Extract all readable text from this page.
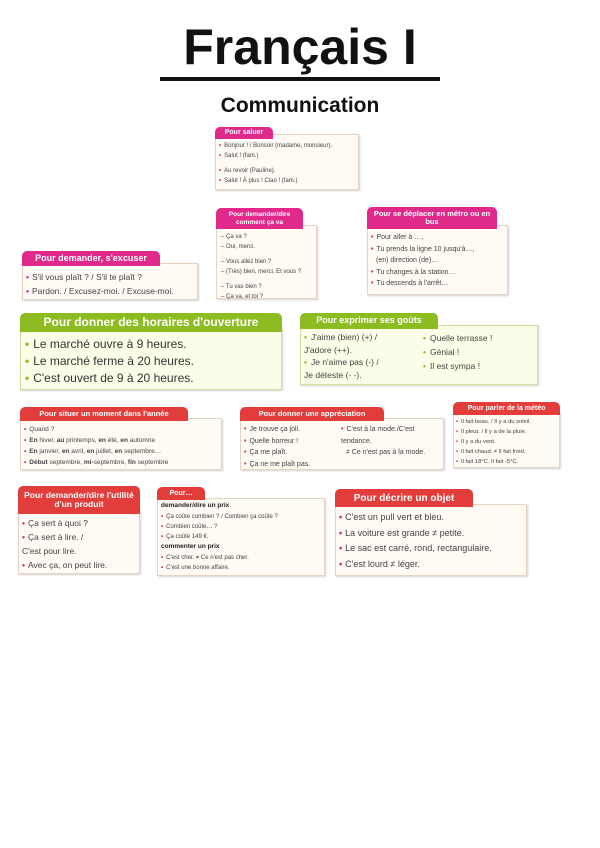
Français I
Communication
Pour saluer
• Bonjour ! / Bonsoir (madame, monsieur).
• Salut ! (fam.)
• Au revoir (Pauline).
• Salut ! À plus ! Ciao ! (fam.)
Pour demander/dire comment ça va
– Ça va ?
– Oui, merci.
– Vous allez bien ?
– (Très) bien, merci. Et vous ?
– Tu vas bien ?
– Ça va, et toi ?
Pour se déplacer en métro ou en bus
• Pour aller à …,
• Tu prends la ligne 10 jusqu'à…,
(en) direction (de)…
• Tu changes à la station…
• Tu descends à l'arrêt…
Pour demander, s'excuser
• S'il vous plaît ? / S'il te plaît ?
• Pardon. / Excusez-moi. / Excuse-moi.
Pour donner des horaires d'ouverture
• Le marché ouvre à 9 heures.
• Le marché ferme à 20 heures.
• C'est ouvert de 9 à 20 heures.
Pour exprimer ses goûts
• J'aime (bien) (+) /
J'adore (++).
• Je n'aime pas (-) /
Je déteste (- -).
• Quelle terrasse !
• Génial !
• Il est sympa !
Pour situer un moment dans l'année
• Quand ?
• En hiver, au printemps, en été, en automne
• En janvier, en avril, en juillet, en septembre…
• Début septembre, mi-septembre, fin septembre
Pour donner une appréciation
• Je trouve ça joli.
• Quelle horreur !
• Ça me plaît.
• Ça ne me plaît pas.
• C'est à la mode./C'est
tendance.
≠ Ce n'est pas à la mode.
Pour parler de la météo
• Il fait beau. / Il y a du soleil.
• Il pleut. / Il y a de la pluie.
• Il y a du vent.
• Il fait chaud. ≠ Il fait froid.
• Il fait 18°C. Il fait -5°C.
Pour demander/dire l'utilité d'un produit
• Ça sert à quoi ?
• Ça sert à lire. /
C'est pour lire.
• Avec ça, on peut lire.
Pour…
demander/dire un prix
• Ça coûte combien ? / Combien ça coûte ?
• Combien coûte… ?
• Ça coûte 149 €.
commenter un prix
• C'est cher. ≠ Ce n'est pas cher.
• C'est une bonne affaire.
Pour décrire un objet
• C'est un pull vert et bleu.
• La voiture est grande ≠ petite.
• Le sac est carré, rond, rectangulaire.
• C'est lourd ≠ léger.
